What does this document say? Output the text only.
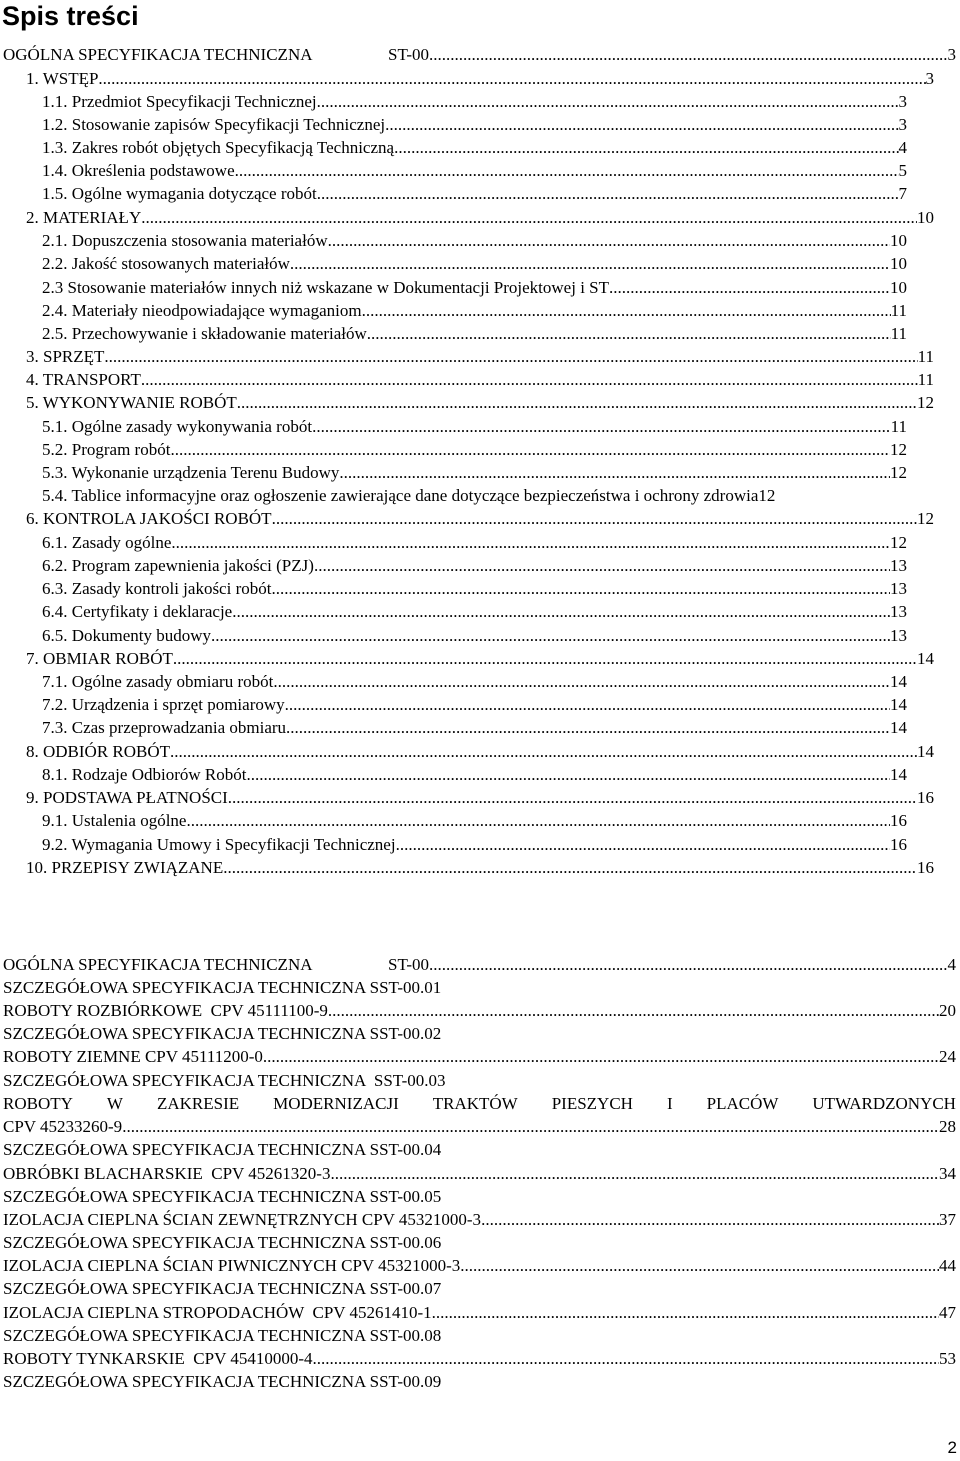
Spis treści
OGÓLNA SPECYFIKACJA TECHNICZNA                  ST-00 .....	3
1. WSTĘP .....	3
1.1. Przedmiot Specyfikacji Technicznej .....	3
1.2. Stosowanie zapisów Specyfikacji Technicznej .....	3
1.3. Zakres robót objętych Specyfikacją Techniczną .....	4
1.4. Określenia podstawowe .....	5
1.5. Ogólne wymagania dotyczące robót .....	7
2. MATERIAŁY .....	10
2.1. Dopuszczenia stosowania materiałów .....	10
2.2. Jakość stosowanych materiałów .....	10
2.3 Stosowanie materiałów innych niż wskazane w Dokumentacji Projektowej i ST .....	10
2.4. Materiały nieodpowiadające wymaganiom .....	11
2.5. Przechowywanie i składowanie materiałów .....	11
3. SPRZĘT .....	11
4. TRANSPORT .....	11
5. WYKONYWANIE ROBÓT .....	12
5.1. Ogólne zasady wykonywania robót .....	11
5.2. Program robót .....	12
5.3. Wykonanie urządzenia Terenu Budowy .....	12
5.4. Tablice informacyjne oraz ogłoszenie zawierające dane dotyczące bezpieczeństwa i ochrony zdrowia 12
6. KONTROLA JAKOŚCI ROBÓT .....	12
6.1. Zasady ogólne .....	12
6.2. Program zapewnienia jakości (PZJ) .....	13
6.3. Zasady kontroli jakości robót .....	13
6.4. Certyfikaty i deklaracje .....	13
6.5. Dokumenty budowy .....	13
7. OBMIAR ROBÓT .....	14
7.1. Ogólne zasady obmiaru robót .....	14
7.2. Urządzenia i sprzęt pomiarowy .....	14
7.3. Czas przeprowadzania obmiaru .....	14
8. ODBIÓR ROBÓT .....	14
8.1. Rodzaje Odbiorów Robót .....	14
9. PODSTAWA PŁATNOŚCI .....	16
9.1. Ustalenia ogólne .....	16
9.2. Wymagania Umowy i Specyfikacji Technicznej .....	16
10. PRZEPISY ZWIĄZANE .....	16
OGÓLNA SPECYFIKACJA TECHNICZNA                  ST-00 .....	4
SZCZEGÓŁOWA SPECYFIKACJA TECHNICZNA SST-00.01
ROBOTY ROZBIÓRKOWE  CPV 45111100-9 .....	20
SZCZEGÓŁOWA SPECYFIKACJA TECHNICZNA SST-00.02
ROBOTY ZIEMNE CPV 45111200-0 .....	24
SZCZEGÓŁOWA SPECYFIKACJA TECHNICZNA  SST-00.03
ROBOTY W ZAKRESIE MODERNIZACJI TRAKTÓW PIESZYCH I PLACÓW UTWARDZONYCH
CPV 45233260-9 .....	28
SZCZEGÓŁOWA SPECYFIKACJA TECHNICZNA SST-00.04
OBRÓBKI BLACHARSKIE  CPV 45261320-3 .....	34
SZCZEGÓŁOWA SPECYFIKACJA TECHNICZNA SST-00.05
IZOLACJA CIEPLNA ŚCIAN ZEWNĘTRZNYCH CPV 45321000-3 .....	37
SZCZEGÓŁOWA SPECYFIKACJA TECHNICZNA SST-00.06
IZOLACJA CIEPLNA ŚCIAN PIWNICZNYCH CPV 45321000-3 .....	44
SZCZEGÓŁOWA SPECYFIKACJA TECHNICZNA SST-00.07
IZOLACJA CIEPLNA STROPODACHÓW  CPV 45261410-1 .....	47
SZCZEGÓŁOWA SPECYFIKACJA TECHNICZNA SST-00.08
ROBOTY TYNKARSKIE  CPV 45410000-4 .....	53
SZCZEGÓŁOWA SPECYFIKACJA TECHNICZNA SST-00.09
2
